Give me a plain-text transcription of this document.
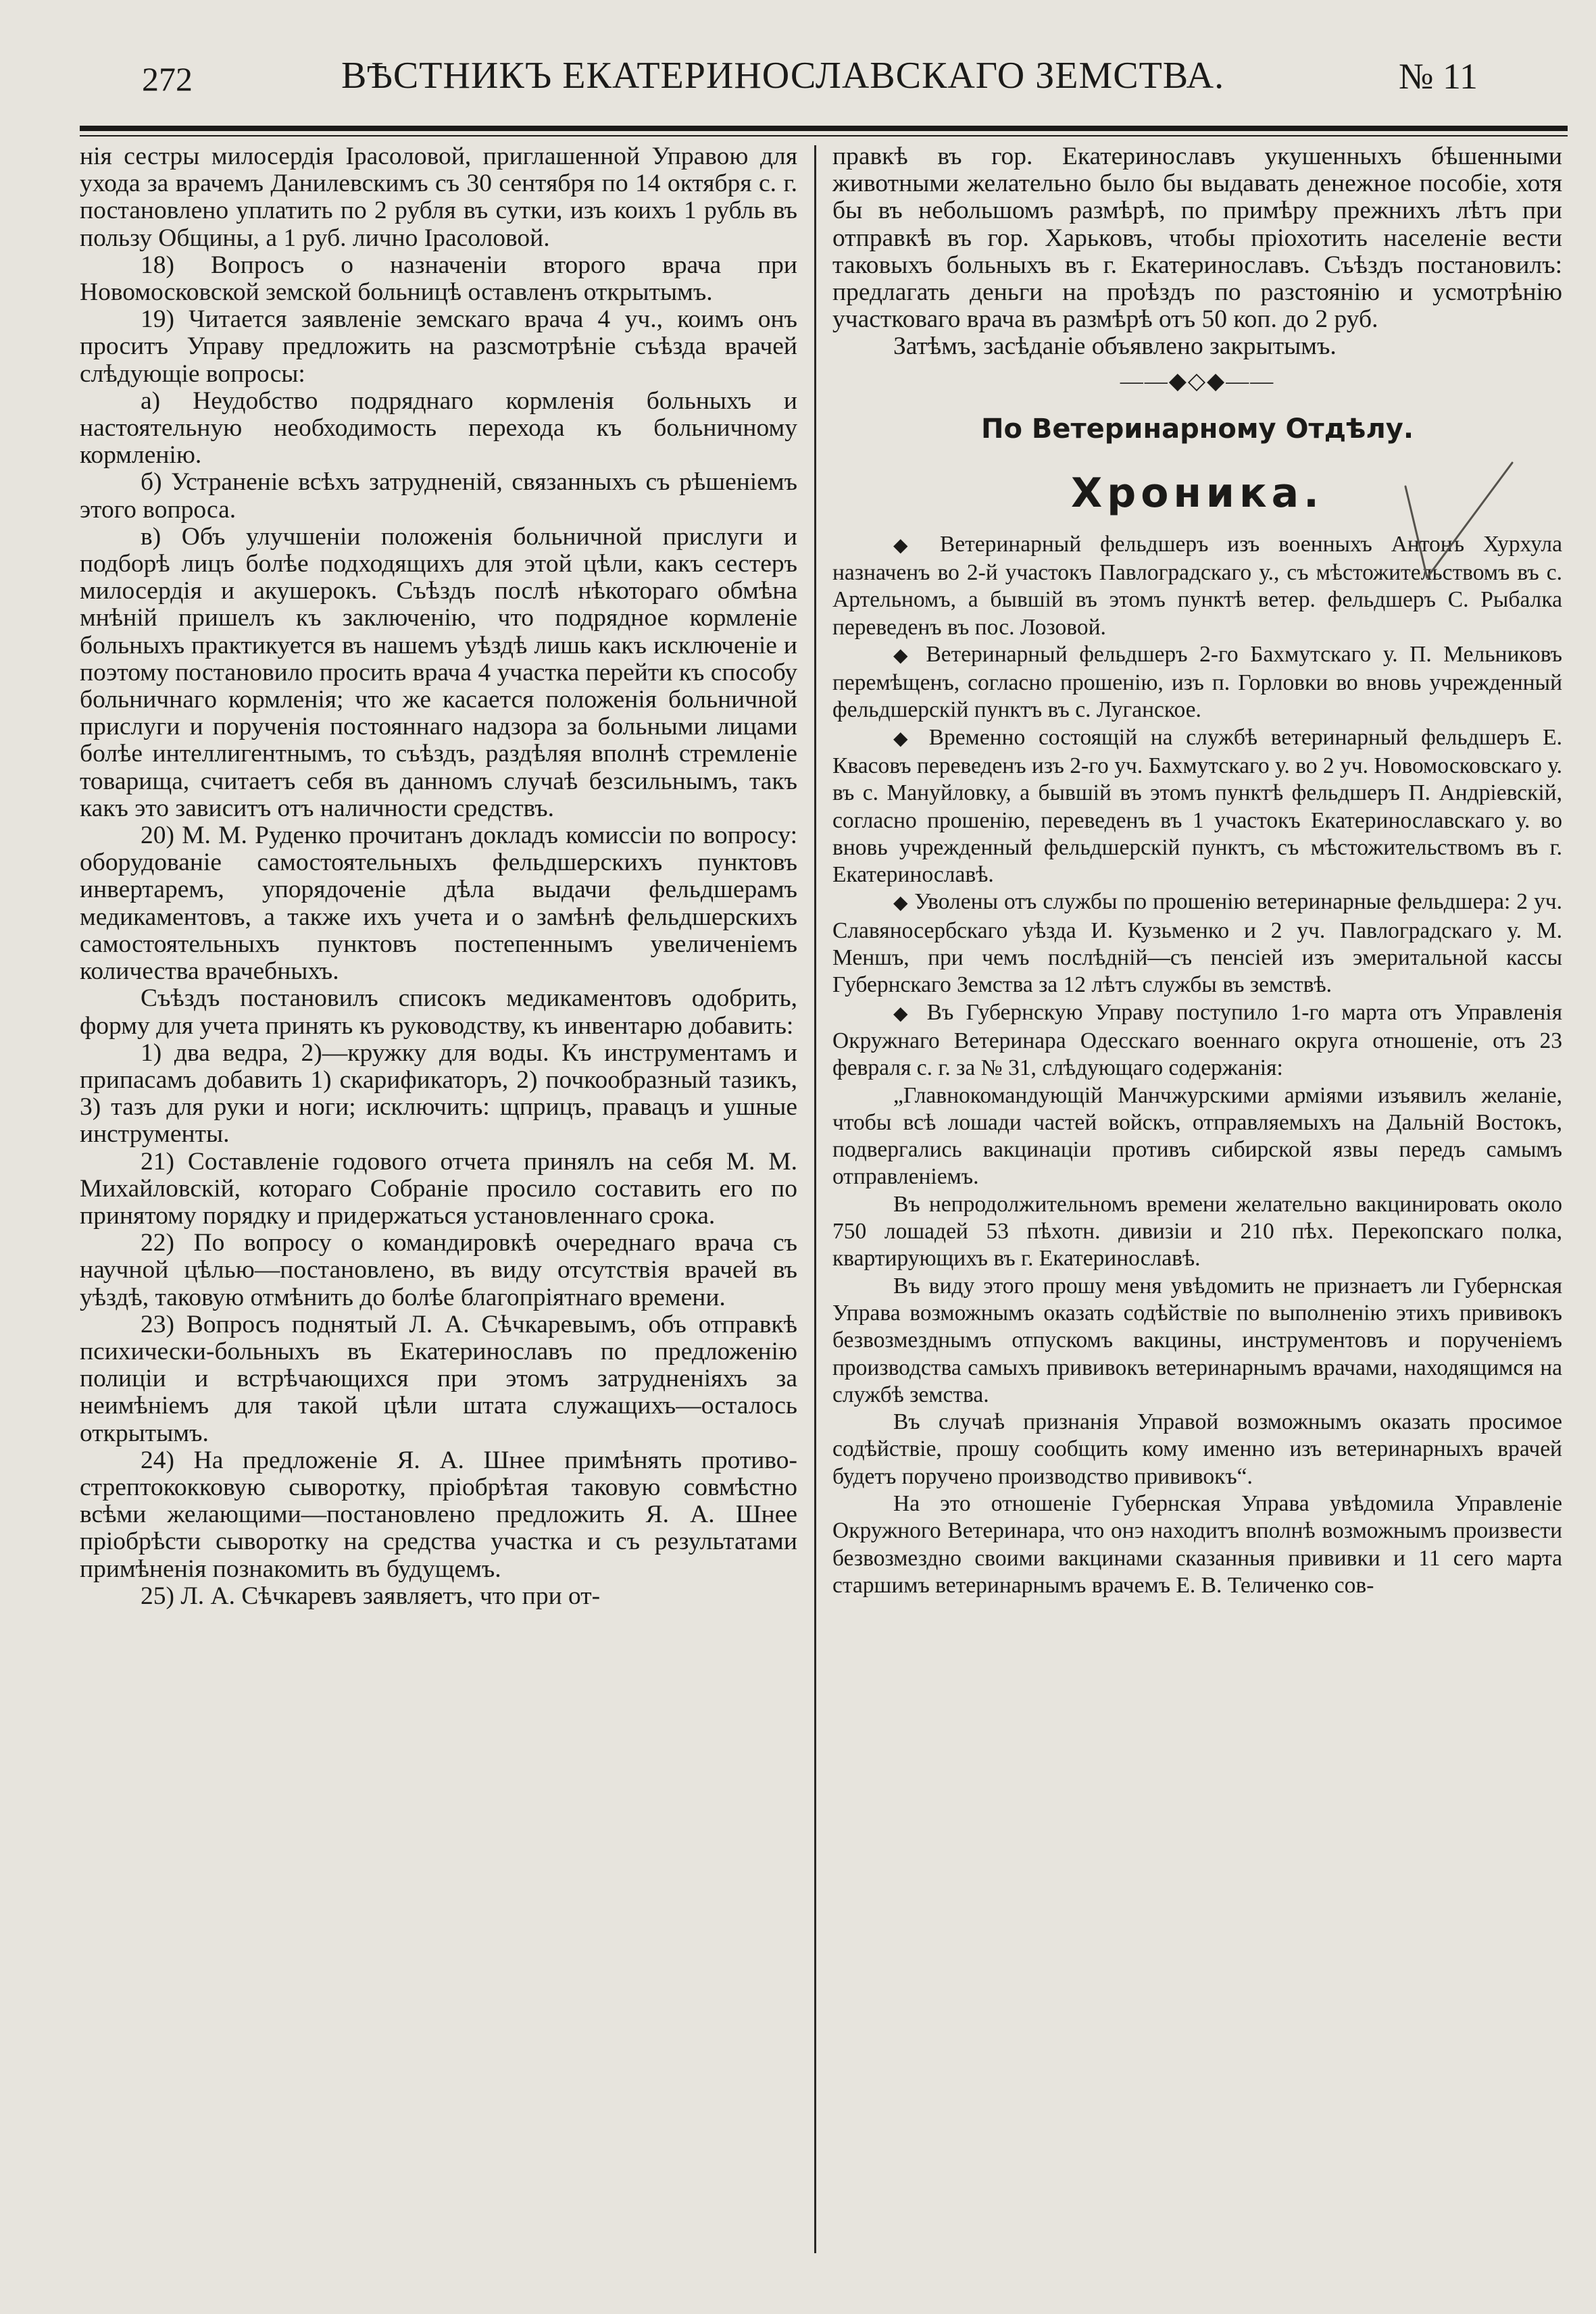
272	ВѢСТНИКЪ ЕКАТЕРИНОСЛАВСКАГО ЗЕМСТВА.	№ 11

нія сестры милосердія Ірасоловой, приглашенной Управою для ухода за врачемъ Данилевскимъ съ 30 сентября по 14 октября с. г. постановлено уплатить по 2 рубля въ сутки, изъ коихъ 1 рубль въ пользу Общины, а 1 руб. лично Ірасоловой.

18) Вопросъ о назначеніи второго врача при Новомосковской земской больницѣ оставленъ открытымъ.

19) Читается заявленіе земскаго врача 4 уч., коимъ онъ проситъ Управу предложить на разсмотрѣніе съѣзда врачей слѣдующіе вопросы:

а) Неудобство подряднаго кормленія больныхъ и настоятельную необходимость перехода къ больничному кормленію.

б) Устраненіе всѣхъ затрудненій, связанныхъ съ рѣшеніемъ этого вопроса.

в) Объ улучшеніи положенія больничной прислуги и подборѣ лицъ болѣе подходящихъ для этой цѣли, какъ сестеръ милосердія и акушерокъ. Съѣздъ послѣ нѣкотораго обмѣна мнѣній пришелъ къ заключенію, что подрядное кормленіе больныхъ практикуется въ нашемъ уѣздѣ лишь какъ исключеніе и поэтому постановило просить врача 4 участка перейти къ способу больничнагo кормленія; что же касается положенія больничной прислуги и порученія постояннаго надзора за больными лицами болѣе интеллигентнымъ, то съѣздъ, раздѣляя вполнѣ стремленіе товарища, считаетъ себя въ данномъ случаѣ безсильнымъ, такъ какъ это зависитъ отъ наличности средствъ.

20) М. М. Руденко прочитанъ докладъ комиссіи по вопросу: оборудованіе самостоятельныхъ фельдшерскихъ пунктовъ инвертаремъ, упорядоченіе дѣла выдачи фельдшерамъ медикаментовъ, а также ихъ учета и о замѣнѣ фельдшерскихъ самостоятельныхъ пунктовъ постепеннымъ увеличеніемъ количества врачебныхъ.

Съѣздъ постановилъ списокъ медикаментовъ одобрить, форму для учета принять къ руководству, къ инвентарю добавить:

1) два ведра, 2)—кружку для воды. Къ инструментамъ и припасамъ добавить 1) скарификаторъ, 2) почкообразный тазикъ, 3) тазъ для руки и ноги; исключить: щприцъ, правацъ и ушные инструменты.

21) Составленіе годового отчета принялъ на себя М. М. Михайловскій, котораго Собраніе просило составить его по принятому порядку и придержаться установленнаго срока.

22) По вопросу о командировкѣ очереднаго врача съ научной цѣлью—постановлено, въ виду отсутствія врачей въ уѣздѣ, таковую отмѣнить до болѣе благопріятнаго времени.

23) Вопросъ поднятый Л. А. Сѣчкаревымъ, объ отправкѣ психически-больныхъ въ Екатеринославъ по предложенію полиціи и встрѣчающихся при этомъ затрудненіяхъ за неимѣніемъ для такой цѣли штата служащихъ—осталось открытымъ.

24) На предложеніе Я. А. Шнее примѣнять противо-стрептококковую сыворотку, пріобрѣтая таковую совмѣстно всѣми желающими—постановлено предложить Я. А. Шнее пріобрѣсти сыворотку на средства участка и съ результатами примѣненія познакомить въ будущемъ.

25) Л. А. Сѣчкаревъ заявляетъ, что при от-

правкѣ въ гор. Екатеринославъ укушенныхъ бѣшенными животными желательно было бы выдавать денежное пособіе, хотя бы въ небольшомъ размѣрѣ, по примѣру прежнихъ лѣтъ при отправкѣ въ гор. Харьковъ, чтобы пріохотить населеніе вести таковыхъ больныхъ въ г. Екатеринославъ. Съѣздъ постановилъ: предлагать деньги на проѣздъ по разстоянію и усмотрѣнію участковаго врача въ размѣрѣ отъ 50 коп. до 2 руб.

Затѣмъ, засѣданіе объявлено закрытымъ.

——◆◇◆——
По Ветеринарному Отдѣлу.
Хроника.

◆ Ветеринарный фельдшеръ изъ военныхъ Антонъ Хурхула назначенъ во 2-й участокъ Павлоградскаго у., съ мѣстожительствомъ въ с. Артельномъ, а бывшій въ этомъ пунктѣ ветер. фельдшеръ С. Рыбалка переведенъ въ пос. Лозовой.

◆ Ветеринарный фельдшеръ 2-го Бахмутскаго у. П. Мельниковъ перемѣщенъ, согласно прошенію, изъ п. Горловки во вновь учрежденный фельдшерскій пунктъ въ с. Луганское.

◆ Временно состоящій на службѣ ветеринарный фельдшеръ Е. Квасовъ переведенъ изъ 2-го уч. Бахмутскаго у. во 2 уч. Новомосковскаго у. въ с. Мануйловку, а бывшій въ этомъ пунктѣ фельдшеръ П. Андріевскій, согласно прошенію, переведенъ въ 1 участокъ Екатеринославскаго у. во вновь учрежденный фельдшерскій пунктъ, съ мѣстожительствомъ въ г. Екатеринославѣ.

◆ Уволены отъ службы по прошенію ветеринарные фельдшера: 2 уч. Славяносербскаго уѣзда И. Кузьменко и 2 уч. Павлоградскаго у. М. Меншъ, при чемъ послѣдній—съ пенсіей изъ эмеритальной кассы Губернскаго Земства за 12 лѣтъ службы въ земствѣ.

◆ Въ Губернскую Управу поступило 1-го марта отъ Управленія Окружнаго Ветеринара Одесскаго военнаго округа отношеніе, отъ 23 февраля с. г. за № 31, слѣдующаго содержанія:

„Главнокомандующій Манчжурскими арміями изъявилъ желаніе, чтобы всѣ лошади частей войскъ, отправляемыхъ на Дальній Востокъ, подвергались вакцинаціи противъ сибирской язвы передъ самымъ отправленіемъ.

Въ непродолжительномъ времени желательно вакцинировать около 750 лошадей 53 пѣхотн. дивизіи и 210 пѣх. Перекопскаго полка, квартирующихъ въ г. Екатеринославѣ.

Въ виду этого прошу меня увѣдомить не признаетъ ли Губернская Управа возможнымъ оказать содѣйствіе по выполненію этихъ прививокъ безвозмезднымъ отпускомъ вакцины, инструментовъ и порученіемъ производства самыхъ прививокъ ветеринарнымъ врачами, находящимся на службѣ земства.

Въ случаѣ признанія Управой возможнымъ оказать просимое содѣйствіе, прошу сообщить кому именно изъ ветеринарныхъ врачей будетъ поручено производство прививокъ“.

На это отношеніе Губернская Управа увѣдомила Управленіе Окружного Ветеринара, что онэ находитъ вполнѣ возможнымъ произвести безвозмездно своими вакцинами сказанныя прививки и 11 сего марта старшимъ ветеринарнымъ врачемъ Е. В. Теличенко сов-
